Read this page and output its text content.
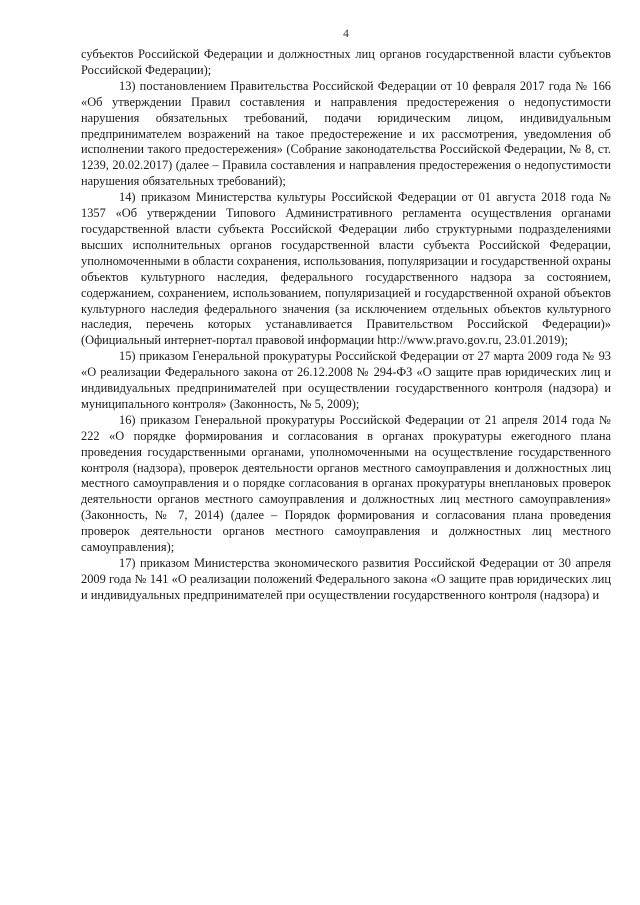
4

субъектов Российской Федерации и должностных лиц органов государственной власти субъектов Российской Федерации);

13) постановлением Правительства Российской Федерации от 10 февраля 2017 года № 166 «Об утверждении Правил составления и направления предостережения о недопустимости нарушения обязательных требований, подачи юридическим лицом, индивидуальным предпринимателем возражений на такое предостережение и их рассмотрения, уведомления об исполнении такого предостережения» (Собрание законодательства Российской Федерации, № 8, ст. 1239, 20.02.2017) (далее – Правила составления и направления предостережения о недопустимости нарушения обязательных требований);

14) приказом Министерства культуры Российской Федерации от 01 августа 2018 года № 1357 «Об утверждении Типового Административного регламента осуществления органами государственной власти субъекта Российской Федерации либо структурными подразделениями высших исполнительных органов государственной власти субъекта Российской Федерации, уполномоченными в области сохранения, использования, популяризации и государственной охраны объектов культурного наследия, федерального государственного надзора за состоянием, содержанием, сохранением, использованием, популяризацией и государственной охраной объектов культурного наследия федерального значения (за исключением отдельных объектов культурного наследия, перечень которых устанавливается Правительством Российской Федерации)» (Официальный интернет-портал правовой информации http://www.pravo.gov.ru, 23.01.2019);

15) приказом Генеральной прокуратуры Российской Федерации от 27 марта 2009 года № 93 «О реализации Федерального закона от 26.12.2008 № 294-ФЗ «О защите прав юридических лиц и индивидуальных предпринимателей при осуществлении государственного контроля (надзора) и муниципального контроля» (Законность, № 5, 2009);

16) приказом Генеральной прокуратуры Российской Федерации от 21 апреля 2014 года № 222 «О порядке формирования и согласования в органах прокуратуры ежегодного плана проведения государственными органами, уполномоченными на осуществление государственного контроля (надзора), проверок деятельности органов местного самоуправления и должностных лиц местного самоуправления и о порядке согласования в органах прокуратуры внеплановых проверок деятельности органов местного самоуправления и должностных лиц местного самоуправления» (Законность, № 7, 2014) (далее – Порядок формирования и согласования плана проведения проверок деятельности органов местного самоуправления и должностных лиц местного самоуправления);

17) приказом Министерства экономического развития Российской Федерации от 30 апреля 2009 года № 141 «О реализации положений Федерального закона «О защите прав юридических лиц и индивидуальных предпринимателей при осуществлении государственного контроля (надзора) и
